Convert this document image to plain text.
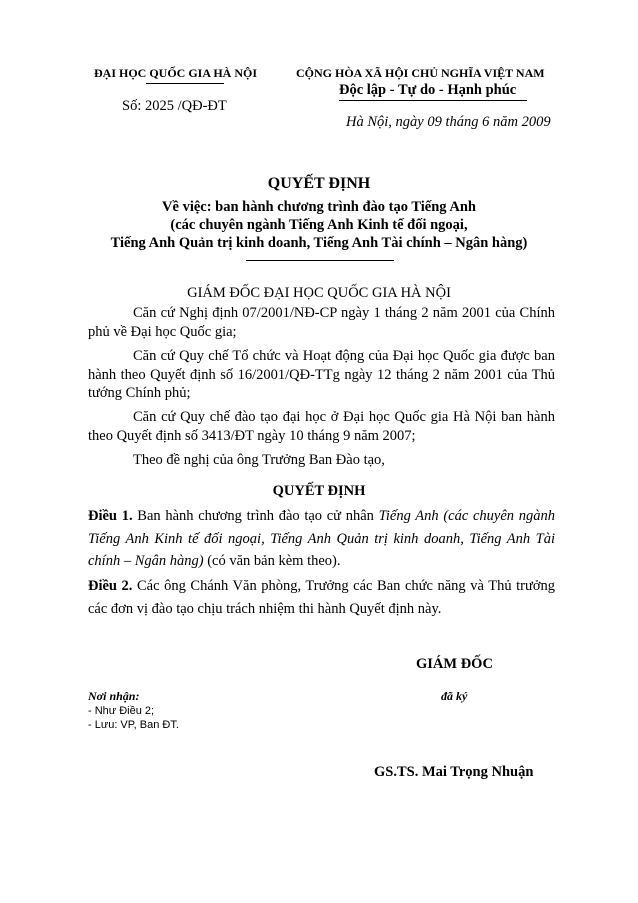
ĐẠI HỌC QUỐC GIA HÀ NỘI
Số: 2025 /QĐ-ĐT
CỘNG HÒA XÃ HỘI CHỦ NGHĨA VIỆT NAM
Độc lập - Tự do - Hạnh phúc
Hà Nội, ngày 09 tháng 6 năm 2009
QUYẾT ĐỊNH
Về việc: ban hành chương trình đào tạo Tiếng Anh
(các chuyên ngành Tiếng Anh Kinh tế đối ngoại,
Tiếng Anh Quản trị kinh doanh, Tiếng Anh Tài chính – Ngân hàng)
GIÁM ĐỐC ĐẠI HỌC QUỐC GIA HÀ NỘI
Căn cứ Nghị định 07/2001/NĐ-CP ngày 1 tháng 2 năm 2001 của Chính phủ về Đại học Quốc gia;
Căn cứ Quy chế Tổ chức và Hoạt động của Đại học Quốc gia được ban hành theo Quyết định số 16/2001/QĐ-TTg ngày 12 tháng 2 năm 2001 của Thủ tướng Chính phủ;
Căn cứ Quy chế đào tạo đại học ở Đại học Quốc gia Hà Nội ban hành theo Quyết định số 3413/ĐT ngày 10 tháng 9 năm 2007;
Theo đề nghị của ông Trưởng Ban Đào tạo,
QUYẾT ĐỊNH
Điều 1. Ban hành chương trình đào tạo cử nhân Tiếng Anh (các chuyên ngành Tiếng Anh Kinh tế đối ngoại, Tiếng Anh Quản trị kinh doanh, Tiếng Anh Tài chính – Ngân hàng) (có văn bản kèm theo).
Điều 2. Các ông Chánh Văn phòng, Trưởng các Ban chức năng và Thủ trưởng các đơn vị đào tạo chịu trách nhiệm thi hành Quyết định này.
GIÁM ĐỐC
đã ký
GS.TS. Mai Trọng Nhuận
Nơi nhận:
- Như Điều 2;
- Lưu: VP, Ban ĐT.
